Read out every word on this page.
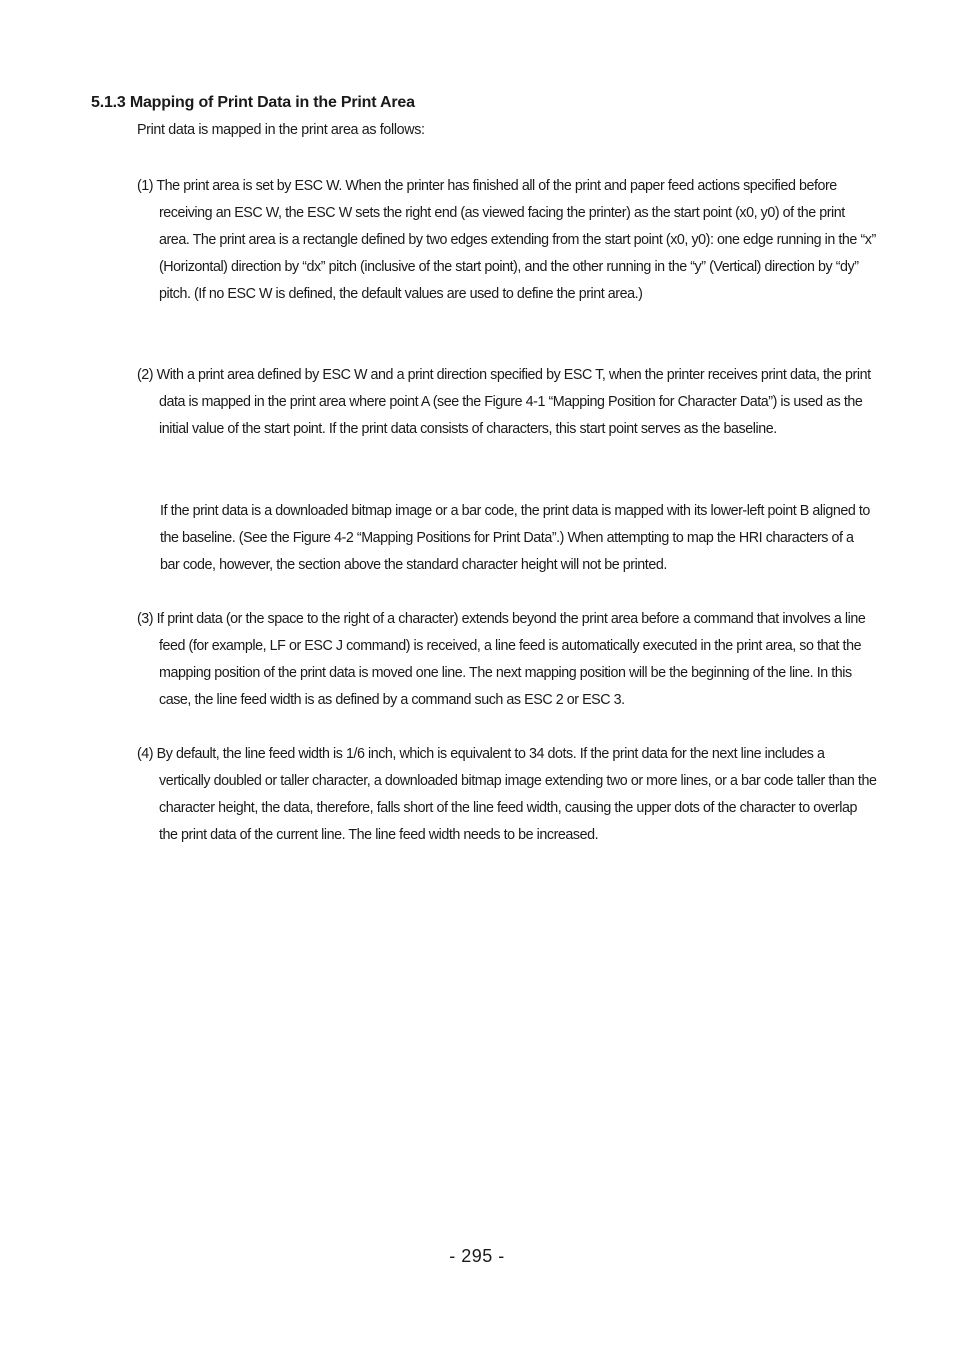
5.1.3 Mapping of Print Data in the Print Area
Print data is mapped in the print area as follows:
(1) The print area is set by ESC W. When the printer has finished all of the print and paper feed actions specified before receiving an ESC W, the ESC W sets the right end (as viewed facing the printer) as the start point (x0, y0) of the print area. The print area is a rectangle defined by two edges extending from the start point (x0, y0): one edge running in the “x” (Horizontal) direction by “dx” pitch (inclusive of the start point), and the other running in the “y” (Vertical) direction by “dy” pitch. (If no ESC W is defined, the default values are used to define the print area.)
(2) With a print area defined by ESC W and a print direction specified by ESC T, when the printer receives print data, the print data is mapped in the print area where point A (see the Figure 4-1 “Mapping Position for Character Data”) is used as the initial value of the start point. If the print data consists of characters, this start point serves as the baseline.
If the print data is a downloaded bitmap image or a bar code, the print data is mapped with its lower-left point B aligned to the baseline. (See the Figure 4-2 “Mapping Positions for Print Data”.) When attempting to map the HRI characters of a bar code, however, the section above the standard character height will not be printed.
(3) If print data (or the space to the right of a character) extends beyond the print area before a command that involves a line feed (for example, LF or ESC J command) is received, a line feed is automatically executed in the print area, so that the mapping position of the print data is moved one line. The next mapping position will be the beginning of the line. In this case, the line feed width is as defined by a command such as ESC 2 or ESC 3.
(4) By default, the line feed width is 1/6 inch, which is equivalent to 34 dots. If the print data for the next line includes a vertically doubled or taller character, a downloaded bitmap image extending two or more lines, or a bar code taller than the character height, the data, therefore, falls short of the line feed width, causing the upper dots of the character to overlap the print data of the current line. The line feed width needs to be increased.
- 295 -
